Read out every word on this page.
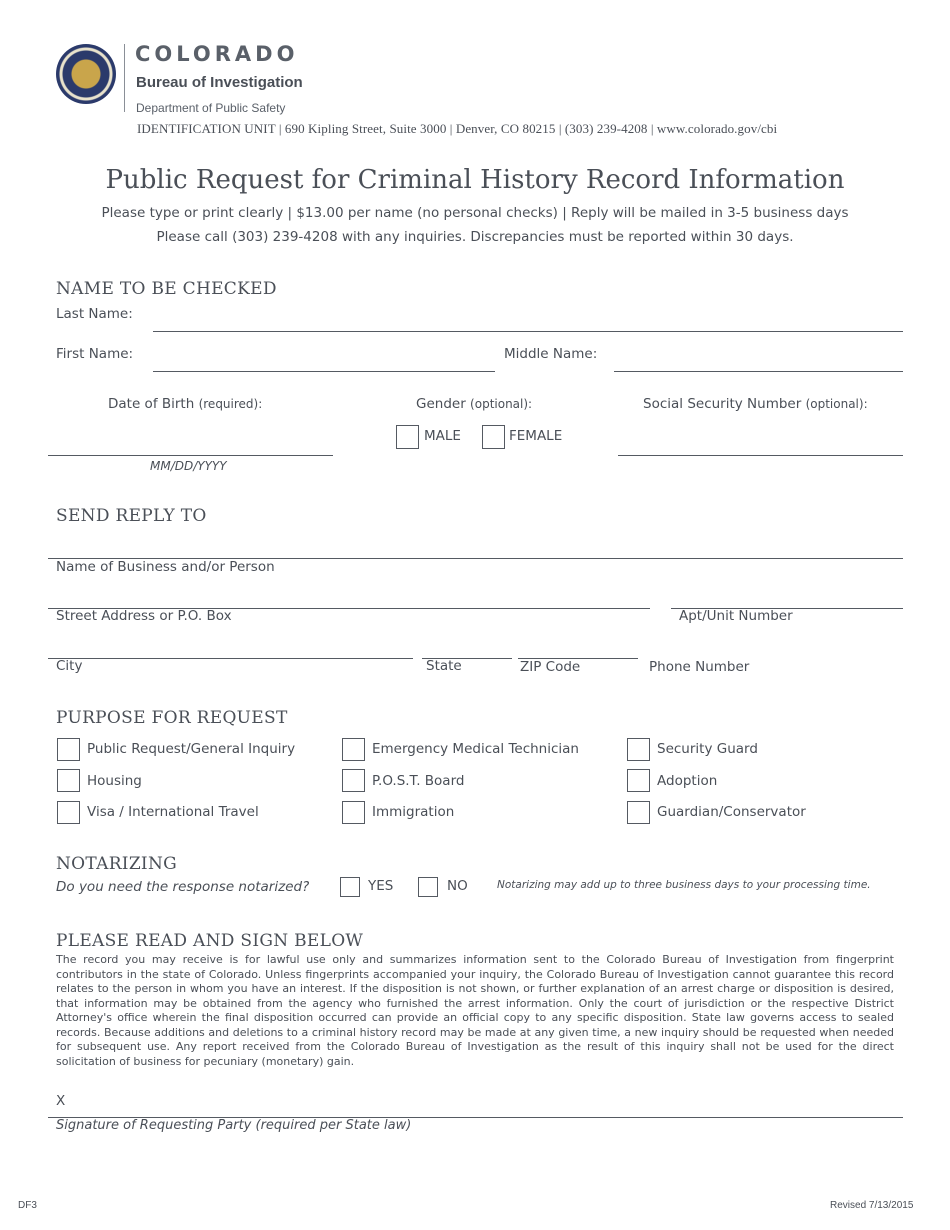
COLORADO
Bureau of Investigation
Department of Public Safety
IDENTIFICATION UNIT | 690 Kipling Street, Suite 3000 | Denver, CO 80215 | (303) 239-4208 | www.colorado.gov/cbi
Public Request for Criminal History Record Information
Please type or print clearly | $13.00 per name (no personal checks) | Reply will be mailed in 3-5 business days
Please call (303) 239-4208 with any inquiries. Discrepancies must be reported within 30 days.
NAME TO BE CHECKED
Last Name:
First Name:	Middle Name:
Date of Birth (required):
MM/DD/YYYY
Gender (optional):
MALE	FEMALE
Social Security Number (optional):
SEND REPLY TO
Name of Business and/or Person
Street Address or P.O. Box	Apt/Unit Number
City	State	ZIP Code	Phone Number
PURPOSE FOR REQUEST
Public Request/General Inquiry	Emergency Medical Technician	Security Guard
Housing	P.O.S.T. Board	Adoption
Visa / International Travel	Immigration	Guardian/Conservator
NOTARIZING
Do you need the response notarized?	YES	NO	Notarizing may add up to three business days to your processing time.
PLEASE READ AND SIGN BELOW
The record you may receive is for lawful use only and summarizes information sent to the Colorado Bureau of Investigation from fingerprint contributors in the state of Colorado. Unless fingerprints accompanied your inquiry, the Colorado Bureau of Investigation cannot guarantee this record relates to the person in whom you have an interest. If the disposition is not shown, or further explanation of an arrest charge or disposition is desired, that information may be obtained from the agency who furnished the arrest information. Only the court of jurisdiction or the respective District Attorney's office wherein the final disposition occurred can provide an official copy to any specific disposition. State law governs access to sealed records. Because additions and deletions to a criminal history record may be made at any given time, a new inquiry should be requested when needed for subsequent use. Any report received from the Colorado Bureau of Investigation as the result of this inquiry shall not be used for the direct solicitation of business for pecuniary (monetary) gain.
X
Signature of Requesting Party (required per State law)
DF3	Revised 7/13/2015
